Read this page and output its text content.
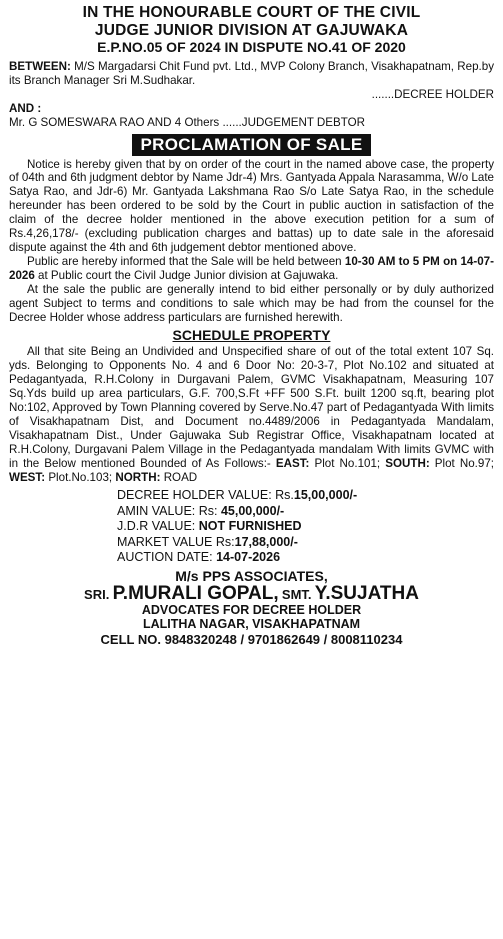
IN THE HONOURABLE COURT OF THE CIVIL
JUDGE JUNIOR DIVISION AT GAJUWAKA
E.P.NO.05 OF 2024 IN DISPUTE NO.41 OF 2020

BETWEEN: M/S Margadarsi Chit Fund pvt. Ltd., MVP Colony Branch, Visakhapatnam, Rep.by its Branch Manager Sri M.Sudhakar.

.......DECREE HOLDER

AND :

Mr. G SOMESWARA RAO AND 4 Others ......JUDGEMENT DEBTOR

PROCLAMATION OF SALE

Notice is hereby given that by on order of the court in the named above case, the property of 04th and 6th judgment debtor by Name Jdr-4) Mrs. Gantyada Appala Narasamma, W/o Late Satya Rao, and Jdr-6) Mr. Gantyada Lakshmana Rao S/o Late Satya Rao, in the schedule hereunder has been ordered to be sold by the Court in public auction in satisfaction of the claim of the decree holder mentioned in the above execution petition for a sum of Rs.4,26,178/- (excluding publication charges and battas) up to date sale in the aforesaid dispute against the 4th and 6th judgement debtor mentioned above.

Public are hereby informed that the Sale will be held between 10-30 AM to 5 PM on 14-07-2026 at Public court the Civil Judge Junior division at Gajuwaka.

At the sale the public are generally intend to bid either personally or by duly authorized agent Subject to terms and conditions to sale which may be had from the counsel for the Decree Holder whose address particulars are furnished herewith.

SCHEDULE PROPERTY

All that site Being an Undivided and Unspecified share of out of the total extent 107 Sq. yds. Belonging to Opponents No. 4 and 6 Door No: 20-3-7, Plot No.102 and situated at Pedagantyada, R.H.Colony in Durgavani Palem, GVMC Visakhapatnam, Measuring 107 Sq.Yds build up area particulars, G.F. 700,S.Ft +FF 500 S.Ft. built 1200 sq.ft, bearing plot No:102, Approved by Town Planning covered by Serve.No.47 part of Pedagantyada With limits of Visakhapatnam Dist, and Document no.4489/2006 in Pedagantyada Mandalam, Visakhapatnam Dist., Under Gajuwaka Sub Registrar Office, Visakhapatnam located at R.H.Colony, Durgavani Palem Village in the Pedagantyada mandalam With limits GVMC with in the Below mentioned Bounded of As Follows:- EAST: Plot No.101; SOUTH: Plot No.97; WEST: Plot.No.103; NORTH: ROAD

DECREE HOLDER VALUE: Rs.15,00,000/-
AMIN VALUE: Rs: 45,00,000/-
J.D.R VALUE: NOT FURNISHED
MARKET VALUE Rs:17,88,000/-
AUCTION DATE: 14-07-2026
M/s PPS ASSOCIATES,
SRI. P.MURALI GOPAL, SMT. Y.SUJATHA
ADVOCATES FOR DECREE HOLDER
LALITHA NAGAR, VISAKHAPATNAM
CELL NO. 9848320248 / 9701862649 / 8008110234
